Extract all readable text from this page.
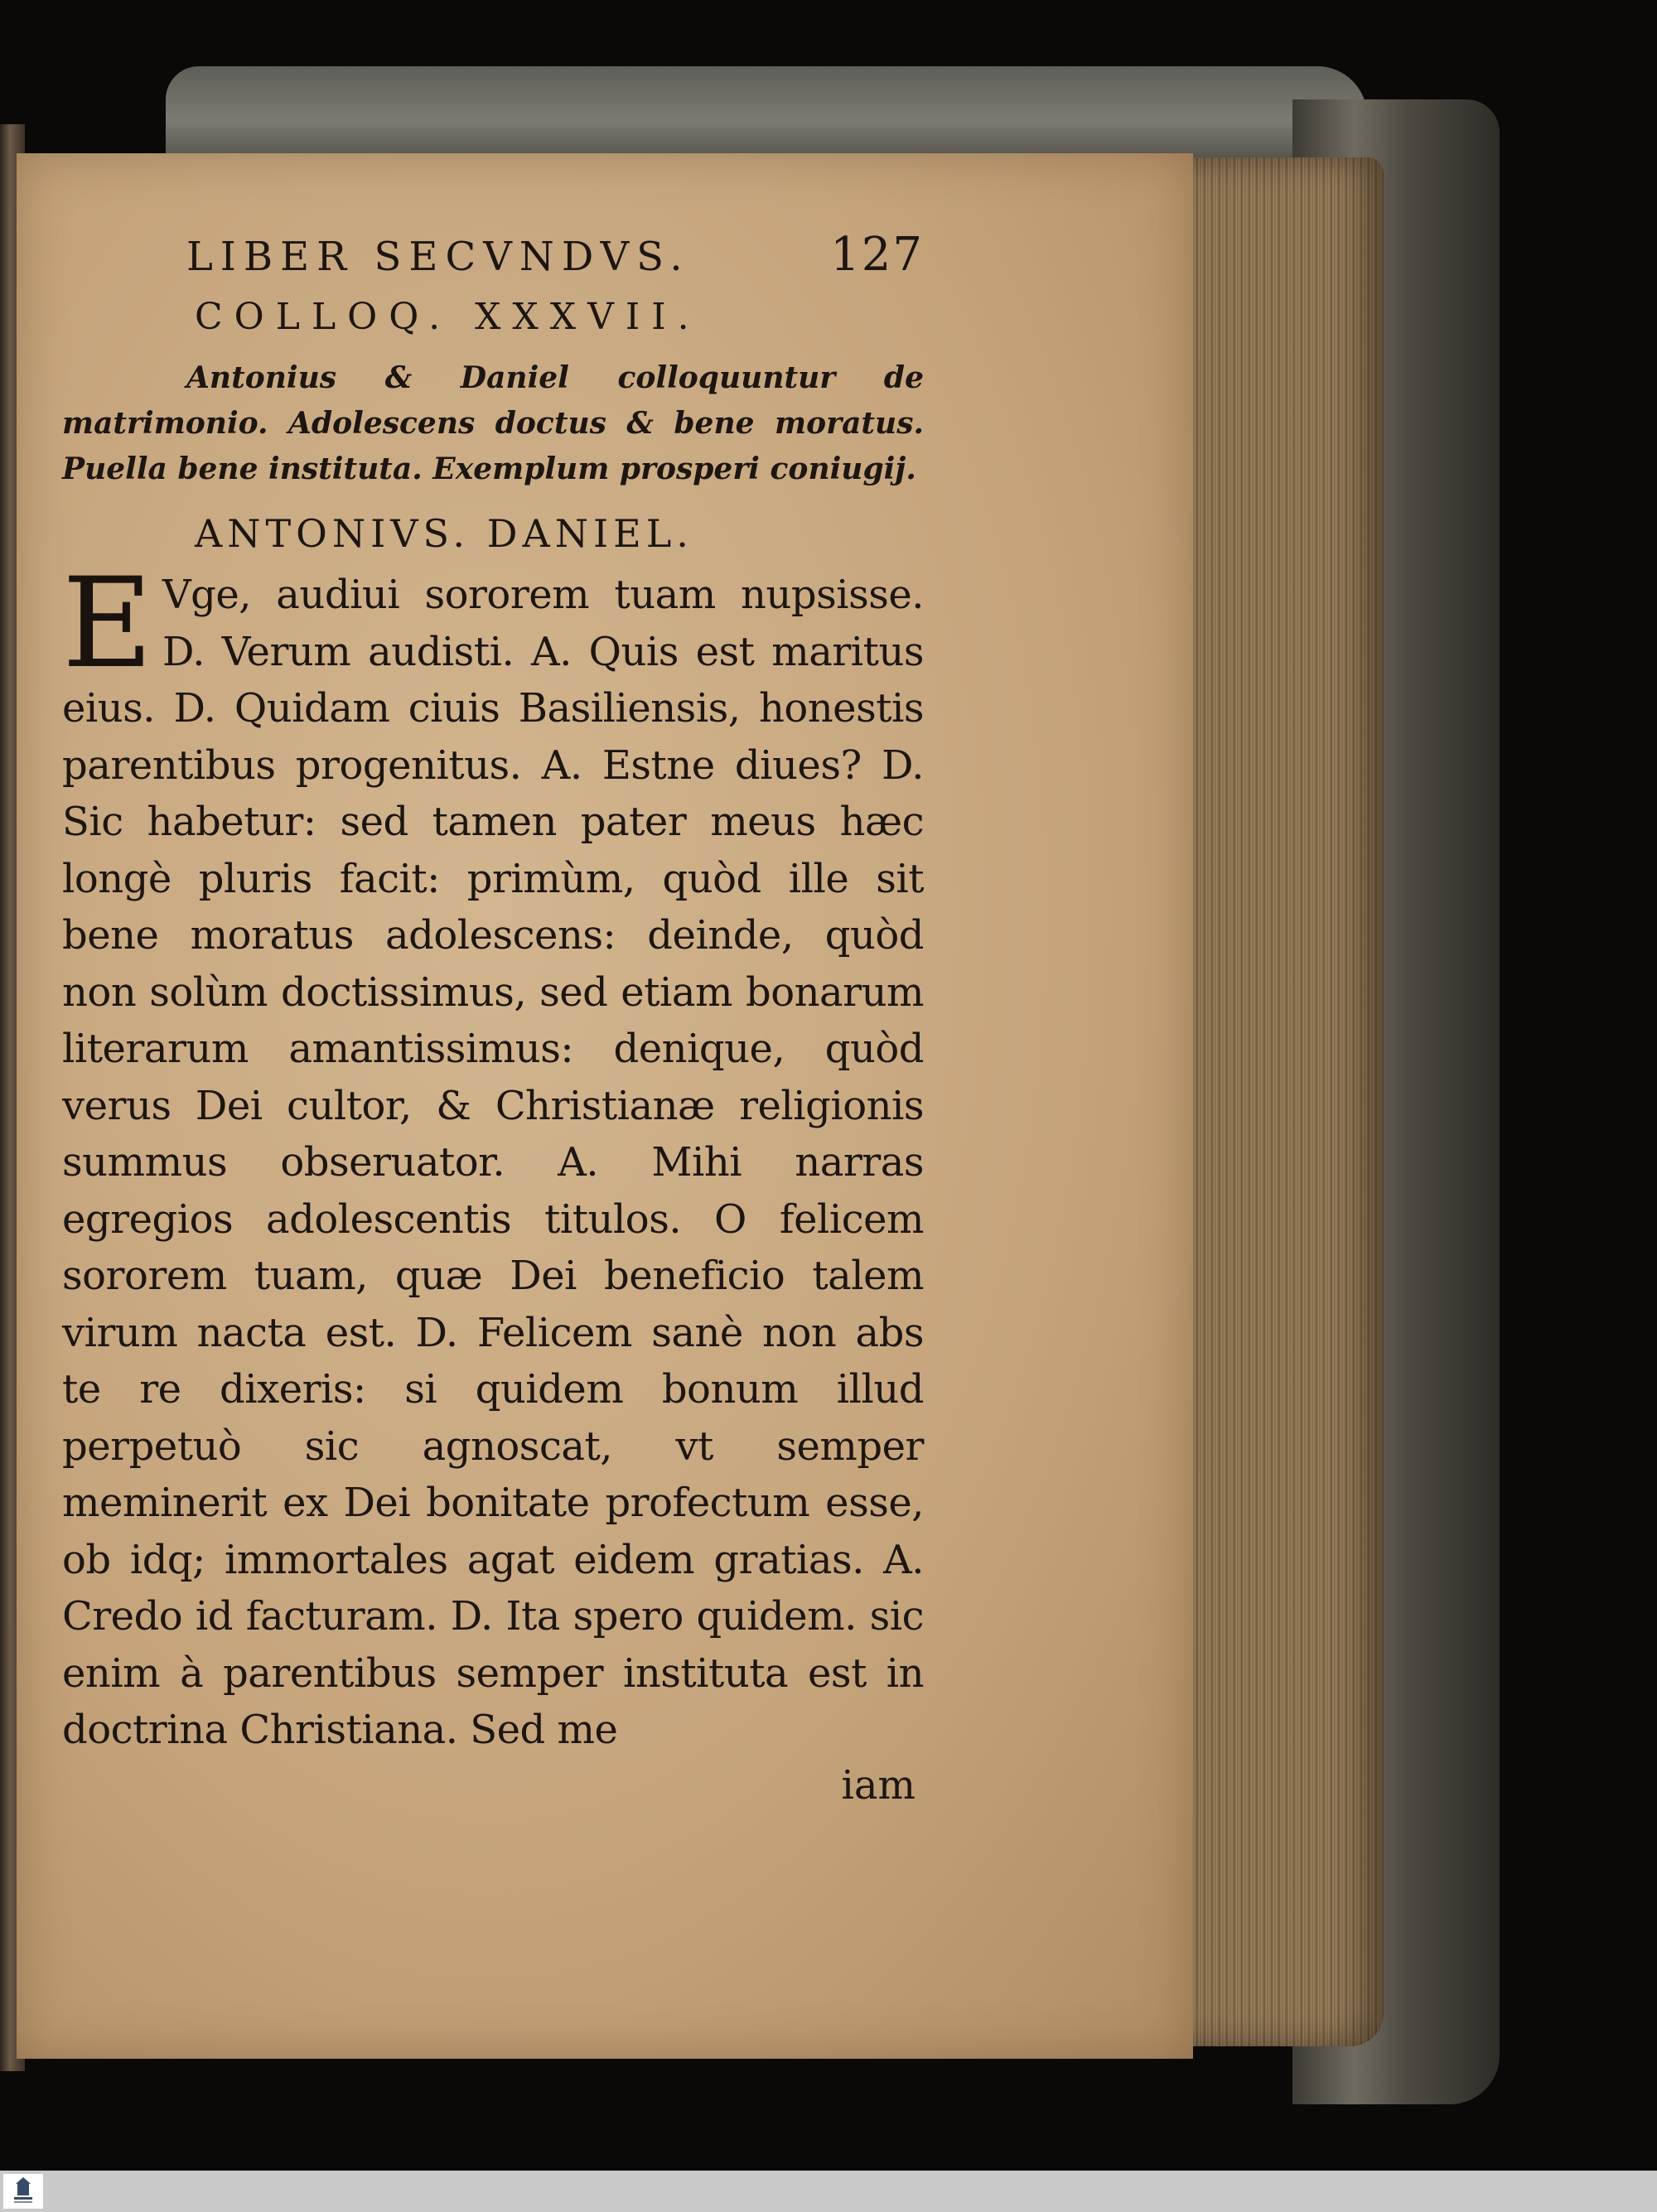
LIBER SECVNDVS.	127
COLLOQ. XXXVII.
Antonius & Daniel colloquuntur de matrimonio. Adolescens doctus & bene moratus. Puella bene instituta. Exemplum prosperi coniugij.
ANTONIVS. DANIEL.
E Vge, audiui sororem tuam nupsisse. D. Verum audisti. A. Quis est maritus eius. D. Quidam ciuis Basiliensis, honestis parentibus progenitus. A. Estne diues? D. Sic habetur: sed tamen pater meus hæc longè pluris facit: primùm, quòd ille sit bene moratus adolescens: deinde, quòd non solùm doctissimus, sed etiam bonarum literarum amantissimus: denique, quòd verus Dei cultor, & Christianæ religionis summus obseruator. A. Mihi narras egregios adolescentis titulos. O felicem sororem tuam, quæ Dei beneficio talem virum nacta est. D. Felicem sanè non abs te re dixeris: si quidem bonum illud perpetuò sic agnoscat, vt semper meminerit ex Dei bonitate profectum esse, ob idq; immortales agat eidem gratias. A. Credo id facturam. D. Ita spero quidem. sic enim à parentibus semper instituta est in doctrina Christiana. Sed me
iam
